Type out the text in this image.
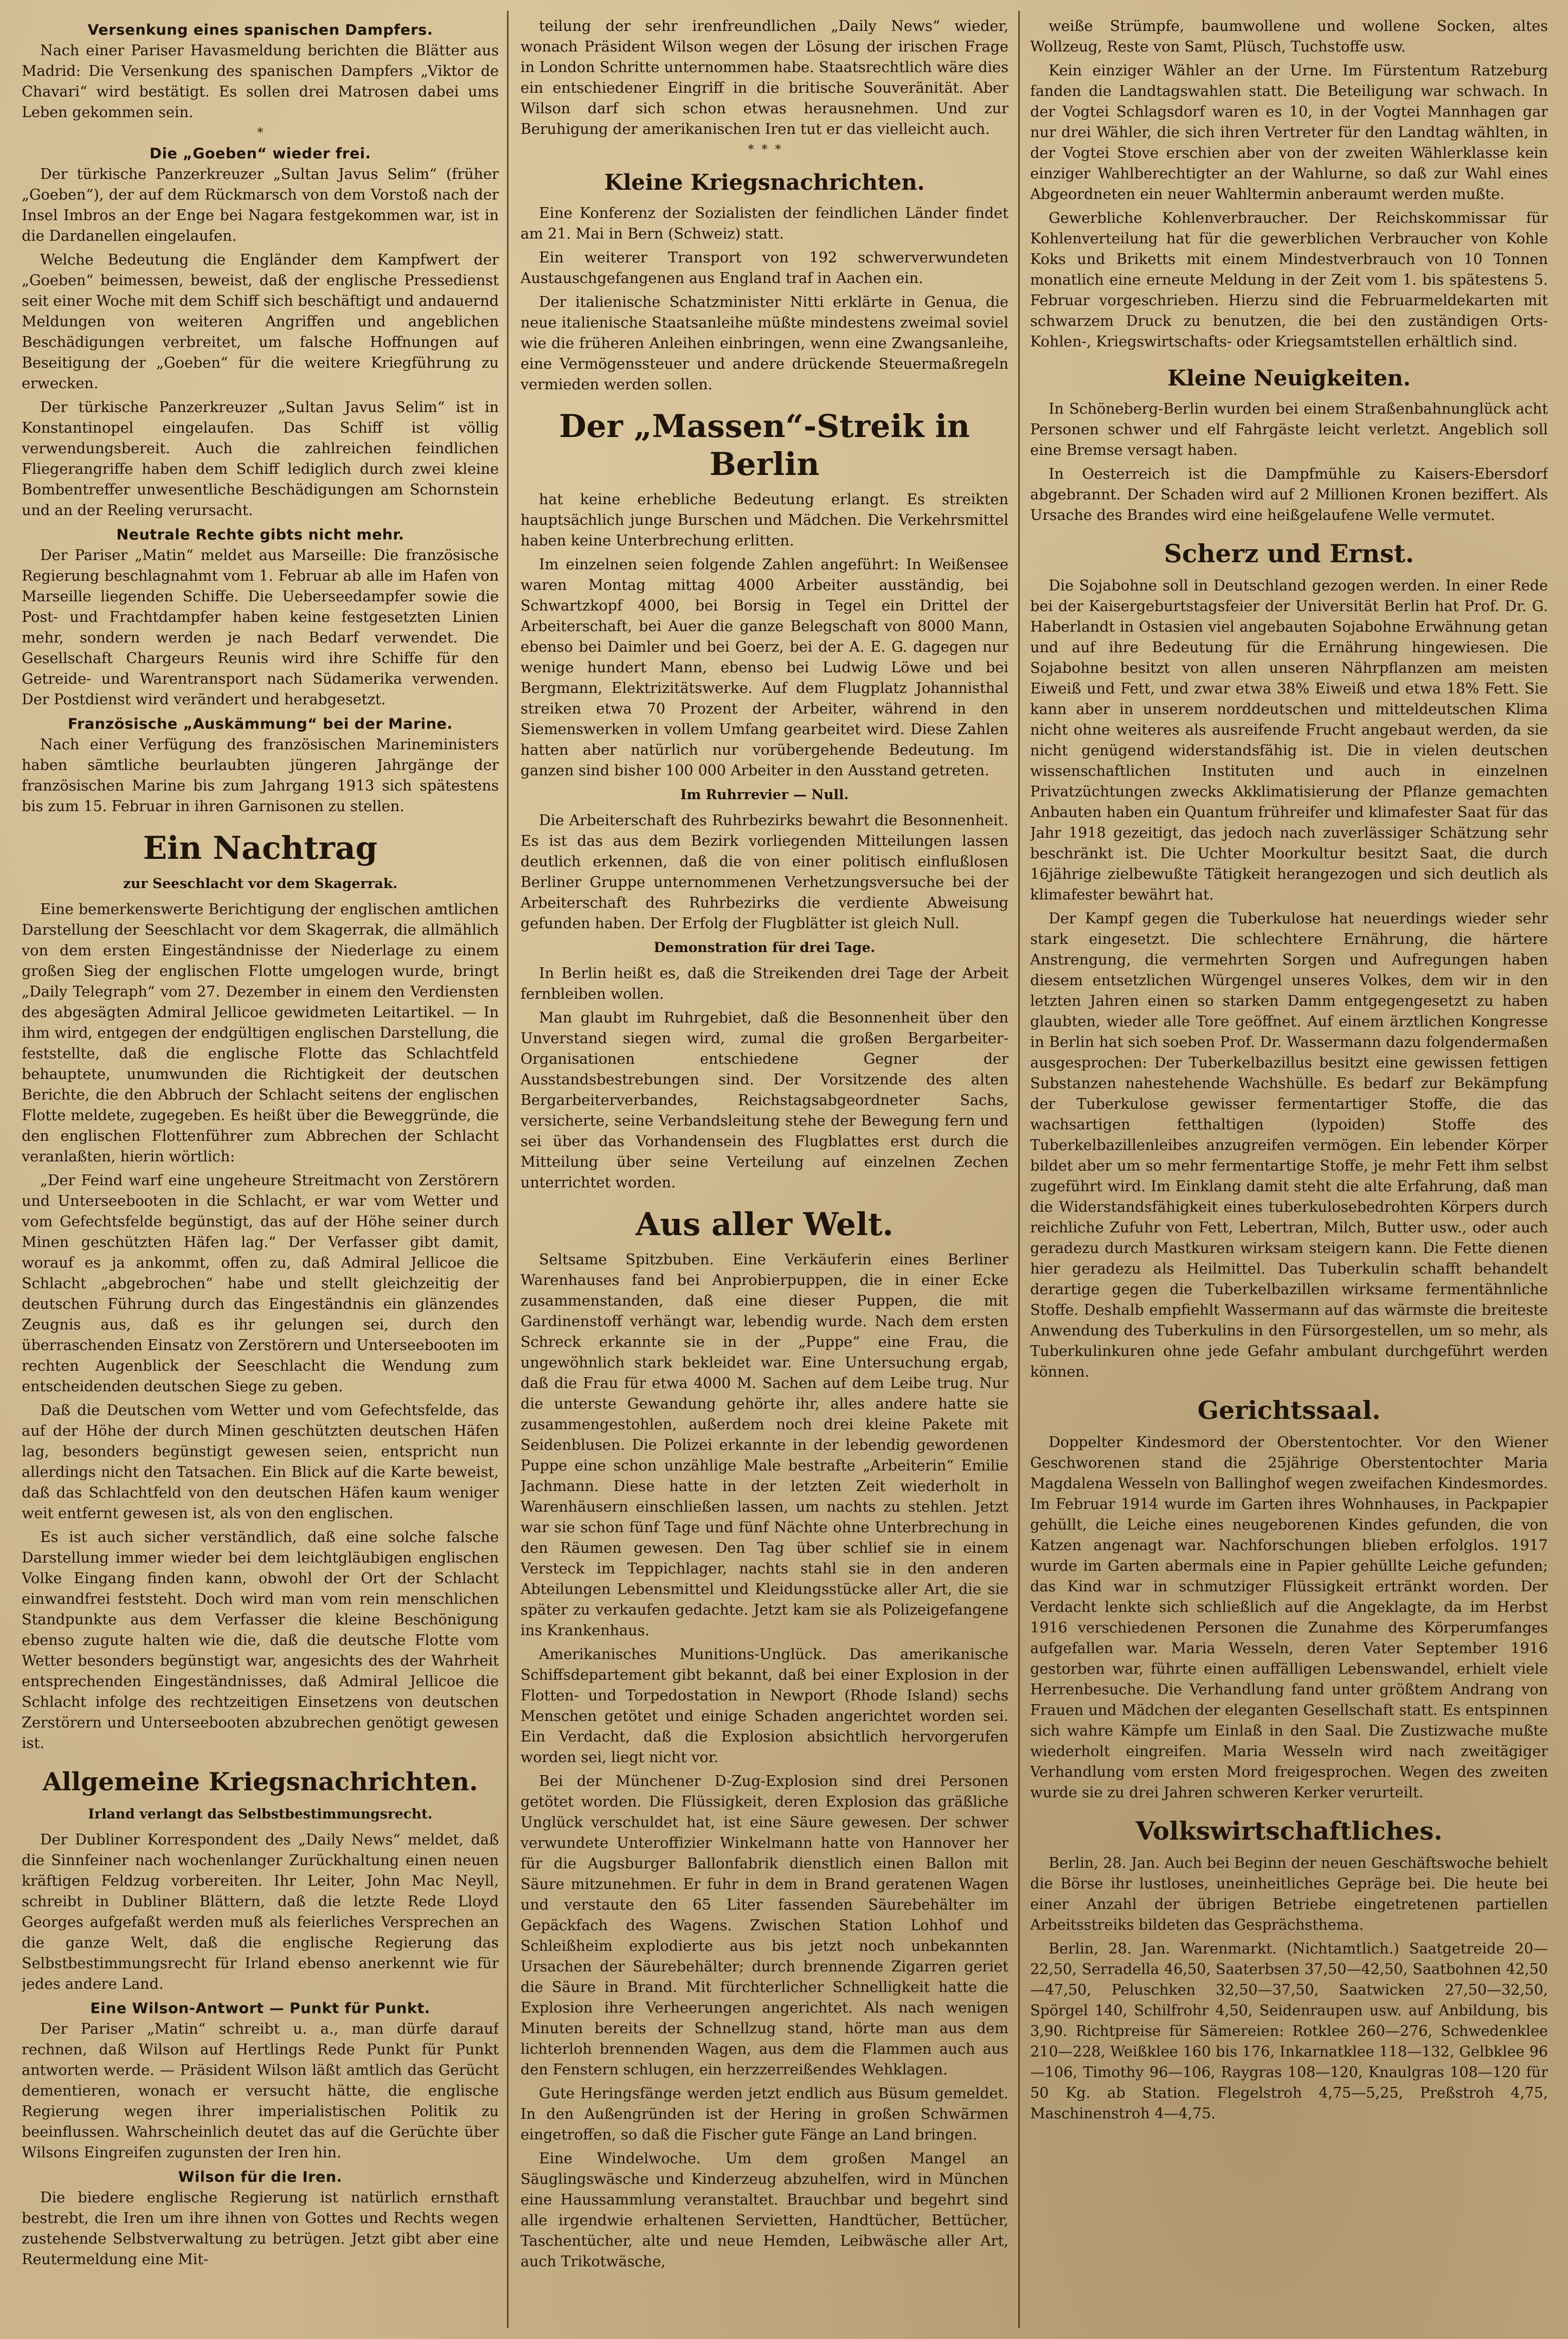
Versenkung eines spanischen Dampfers.

Nach einer Pariser Havasmeldung berichten die Blätter aus Madrid: Die Versenkung des spanischen Dampfers „Viktor de Chavari“ wird bestätigt. Es sollen drei Matrosen dabei ums Leben gekommen sein.

*
Die „Goeben“ wieder frei.

Der türkische Panzerkreuzer „Sultan Javus Selim“ (früher „Goeben“), der auf dem Rückmarsch von dem Vorstoß nach der Insel Imbros an der Enge bei Nagara festgekommen war, ist in die Dardanellen eingelaufen.

Welche Bedeutung die Engländer dem Kampfwert der „Goeben“ beimessen, beweist, daß der englische Pressedienst seit einer Woche mit dem Schiff sich beschäftigt und andauernd Meldungen von weiteren Angriffen und angeblichen Beschädigungen verbreitet, um falsche Hoffnungen auf Beseitigung der „Goeben“ für die weitere Kriegführung zu erwecken.

Der türkische Panzerkreuzer „Sultan Javus Selim“ ist in Konstantinopel eingelaufen. Das Schiff ist völlig verwendungsbereit. Auch die zahlreichen feindlichen Fliegerangriffe haben dem Schiff lediglich durch zwei kleine Bombentreffer unwesentliche Beschädigungen am Schornstein und an der Reeling verursacht.

Neutrale Rechte gibts nicht mehr.

Der Pariser „Matin“ meldet aus Marseille: Die französische Regierung beschlagnahmt vom 1. Februar ab alle im Hafen von Marseille liegenden Schiffe. Die Ueberseedampfer sowie die Post- und Frachtdampfer haben keine festgesetzten Linien mehr, sondern werden je nach Bedarf verwendet. Die Gesellschaft Chargeurs Reunis wird ihre Schiffe für den Getreide- und Warentransport nach Südamerika verwenden. Der Postdienst wird verändert und herabgesetzt.

Französische „Auskämmung“ bei der Marine.

Nach einer Verfügung des französischen Marineministers haben sämtliche beurlaubten jüngeren Jahrgänge der französischen Marine bis zum Jahrgang 1913 sich spätestens bis zum 15. Februar in ihren Garnisonen zu stellen.

Ein Nachtrag

zur Seeschlacht vor dem Skagerrak.

Eine bemerkenswerte Berichtigung der englischen amtlichen Darstellung der Seeschlacht vor dem Skagerrak, die allmählich von dem ersten Eingeständnisse der Niederlage zu einem großen Sieg der englischen Flotte umgelogen wurde, bringt „Daily Telegraph“ vom 27. Dezember in einem den Verdiensten des abgesägten Admiral Jellicoe gewidmeten Leitartikel. — In ihm wird, entgegen der endgültigen englischen Darstellung, die feststellte, daß die englische Flotte das Schlachtfeld behauptete, unumwunden die Richtigkeit der deutschen Berichte, die den Abbruch der Schlacht seitens der englischen Flotte meldete, zugegeben. Es heißt über die Beweggründe, die den englischen Flottenführer zum Abbrechen der Schlacht veranlaßten, hierin wörtlich:

„Der Feind warf eine ungeheure Streitmacht von Zerstörern und Unterseebooten in die Schlacht, er war vom Wetter und vom Gefechtsfelde begünstigt, das auf der Höhe seiner durch Minen geschützten Häfen lag.“ Der Verfasser gibt damit, worauf es ja ankommt, offen zu, daß Admiral Jellicoe die Schlacht „abgebrochen“ habe und stellt gleichzeitig der deutschen Führung durch das Eingeständnis ein glänzendes Zeugnis aus, daß es ihr gelungen sei, durch den überraschenden Einsatz von Zerstörern und Unterseebooten im rechten Augenblick der Seeschlacht die Wendung zum entscheidenden deutschen Siege zu geben.

Daß die Deutschen vom Wetter und vom Gefechtsfelde, das auf der Höhe der durch Minen geschützten deutschen Häfen lag, besonders begünstigt gewesen seien, entspricht nun allerdings nicht den Tatsachen. Ein Blick auf die Karte beweist, daß das Schlachtfeld von den deutschen Häfen kaum weniger weit entfernt gewesen ist, als von den englischen.

Es ist auch sicher verständlich, daß eine solche falsche Darstellung immer wieder bei dem leichtgläubigen englischen Volke Eingang finden kann, obwohl der Ort der Schlacht einwandfrei feststeht. Doch wird man vom rein menschlichen Standpunkte aus dem Verfasser die kleine Beschönigung ebenso zugute halten wie die, daß die deutsche Flotte vom Wetter besonders begünstigt war, angesichts des der Wahrheit entsprechenden Eingeständnisses, daß Admiral Jellicoe die Schlacht infolge des rechtzeitigen Einsetzens von deutschen Zerstörern und Unterseebooten abzubrechen genötigt gewesen ist.

Allgemeine Kriegsnachrichten.

Irland verlangt das Selbstbestimmungsrecht.

Der Dubliner Korrespondent des „Daily News“ meldet, daß die Sinnfeiner nach wochenlanger Zurückhaltung einen neuen kräftigen Feldzug vorbereiten. Ihr Leiter, John Mac Neyll, schreibt in Dubliner Blättern, daß die letzte Rede Lloyd Georges aufgefaßt werden muß als feierliches Versprechen an die ganze Welt, daß die englische Regierung das Selbstbestimmungsrecht für Irland ebenso anerkennt wie für jedes andere Land.

Eine Wilson-Antwort — Punkt für Punkt.

Der Pariser „Matin“ schreibt u. a., man dürfe darauf rechnen, daß Wilson auf Hertlings Rede Punkt für Punkt antworten werde. — Präsident Wilson läßt amtlich das Gerücht dementieren, wonach er versucht hätte, die englische Regierung wegen ihrer imperialistischen Politik zu beeinflussen. Wahrscheinlich deutet das auf die Gerüchte über Wilsons Eingreifen zugunsten der Iren hin.

Wilson für die Iren.

Die biedere englische Regierung ist natürlich ernsthaft bestrebt, die Iren um ihre ihnen von Gottes und Rechts wegen zustehende Selbstverwaltung zu betrügen. Jetzt gibt aber eine Reutermeldung eine Mit-

teilung der sehr irenfreundlichen „Daily News“ wieder, wonach Präsident Wilson wegen der Lösung der irischen Frage in London Schritte unternommen habe. Staatsrechtlich wäre dies ein entschiedener Eingriff in die britische Souveränität. Aber Wilson darf sich schon etwas herausnehmen. Und zur Beruhigung der amerikanischen Iren tut er das vielleicht auch.

*  *  *
Kleine Kriegsnachrichten.

Eine Konferenz der Sozialisten der feindlichen Länder findet am 21. Mai in Bern (Schweiz) statt.

Ein weiterer Transport von 192 schwerverwundeten Austauschgefangenen aus England traf in Aachen ein.

Der italienische Schatzminister Nitti erklärte in Genua, die neue italienische Staatsanleihe müßte mindestens zweimal soviel wie die früheren Anleihen einbringen, wenn eine Zwangsanleihe, eine Vermögenssteuer und andere drückende Steuermaßregeln vermieden werden sollen.

Der „Massen“-Streik in Berlin

hat keine erhebliche Bedeutung erlangt. Es streikten hauptsächlich junge Burschen und Mädchen. Die Verkehrsmittel haben keine Unterbrechung erlitten.

Im einzelnen seien folgende Zahlen angeführt: In Weißensee waren Montag mittag 4000 Arbeiter ausständig, bei Schwartzkopf 4000, bei Borsig in Tegel ein Drittel der Arbeiterschaft, bei Auer die ganze Belegschaft von 8000 Mann, ebenso bei Daimler und bei Goerz, bei der A. E. G. dagegen nur wenige hundert Mann, ebenso bei Ludwig Löwe und bei Bergmann, Elektrizitätswerke. Auf dem Flugplatz Johannisthal streiken etwa 70 Prozent der Arbeiter, während in den Siemenswerken in vollem Umfang gearbeitet wird. Diese Zahlen hatten aber natürlich nur vorübergehende Bedeutung. Im ganzen sind bisher 100 000 Arbeiter in den Ausstand getreten.

Im Ruhrrevier — Null.

Die Arbeiterschaft des Ruhrbezirks bewahrt die Besonnenheit. Es ist das aus dem Bezirk vorliegenden Mitteilungen lassen deutlich erkennen, daß die von einer politisch einflußlosen Berliner Gruppe unternommenen Verhetzungsversuche bei der Arbeiterschaft des Ruhrbezirks die verdiente Abweisung gefunden haben. Der Erfolg der Flugblätter ist gleich Null.

Demonstration für drei Tage.

In Berlin heißt es, daß die Streikenden drei Tage der Arbeit fernbleiben wollen.

Man glaubt im Ruhrgebiet, daß die Besonnenheit über den Unverstand siegen wird, zumal die großen Bergarbeiter-Organisationen entschiedene Gegner der Ausstandsbestrebungen sind. Der Vorsitzende des alten Bergarbeiterverbandes, Reichstagsabgeordneter Sachs, versicherte, seine Verbandsleitung stehe der Bewegung fern und sei über das Vorhandensein des Flugblattes erst durch die Mitteilung über seine Verteilung auf einzelnen Zechen unterrichtet worden.

Aus aller Welt.

Seltsame Spitzbuben. Eine Verkäuferin eines Berliner Warenhauses fand bei Anprobierpuppen, die in einer Ecke zusammenstanden, daß eine dieser Puppen, die mit Gardinenstoff verhängt war, lebendig wurde. Nach dem ersten Schreck erkannte sie in der „Puppe“ eine Frau, die ungewöhnlich stark bekleidet war. Eine Untersuchung ergab, daß die Frau für etwa 4000 M. Sachen auf dem Leibe trug. Nur die unterste Gewandung gehörte ihr, alles andere hatte sie zusammengestohlen, außerdem noch drei kleine Pakete mit Seidenblusen. Die Polizei erkannte in der lebendig gewordenen Puppe eine schon unzählige Male bestrafte „Arbeiterin“ Emilie Jachmann. Diese hatte in der letzten Zeit wiederholt in Warenhäusern einschließen lassen, um nachts zu stehlen. Jetzt war sie schon fünf Tage und fünf Nächte ohne Unterbrechung in den Räumen gewesen. Den Tag über schlief sie in einem Versteck im Teppichlager, nachts stahl sie in den anderen Abteilungen Lebensmittel und Kleidungsstücke aller Art, die sie später zu verkaufen gedachte. Jetzt kam sie als Polizeigefangene ins Krankenhaus.

Amerikanisches Munitions-Unglück. Das amerikanische Schiffsdepartement gibt bekannt, daß bei einer Explosion in der Flotten- und Torpedostation in Newport (Rhode Island) sechs Menschen getötet und einige Schaden angerichtet worden sei. Ein Verdacht, daß die Explosion absichtlich hervorgerufen worden sei, liegt nicht vor.

Bei der Münchener D-Zug-Explosion sind drei Personen getötet worden. Die Flüssigkeit, deren Explosion das gräßliche Unglück verschuldet hat, ist eine Säure gewesen. Der schwer verwundete Unteroffizier Winkelmann hatte von Hannover her für die Augsburger Ballonfabrik dienstlich einen Ballon mit Säure mitzunehmen. Er fuhr in dem in Brand geratenen Wagen und verstaute den 65 Liter fassenden Säurebehälter im Gepäckfach des Wagens. Zwischen Station Lohhof und Schleißheim explodierte aus bis jetzt noch unbekannten Ursachen der Säurebehälter; durch brennende Zigarren geriet die Säure in Brand. Mit fürchterlicher Schnelligkeit hatte die Explosion ihre Verheerungen angerichtet. Als nach wenigen Minuten bereits der Schnellzug stand, hörte man aus dem lichterloh brennenden Wagen, aus dem die Flammen auch aus den Fenstern schlugen, ein herzzerreißendes Wehklagen.

Gute Heringsfänge werden jetzt endlich aus Büsum gemeldet. In den Außengründen ist der Hering in großen Schwärmen eingetroffen, so daß die Fischer gute Fänge an Land bringen.

Eine Windelwoche. Um dem großen Mangel an Säuglingswäsche und Kinderzeug abzuhelfen, wird in München eine Haussammlung veranstaltet. Brauchbar und begehrt sind alle irgendwie erhaltenen Servietten, Handtücher, Bettücher, Taschentücher, alte und neue Hemden, Leibwäsche aller Art, auch Trikotwäsche,

weiße Strümpfe, baumwollene und wollene Socken, altes Wollzeug, Reste von Samt, Plüsch, Tuchstoffe usw.

Kein einziger Wähler an der Urne. Im Fürstentum Ratzeburg fanden die Landtagswahlen statt. Die Beteiligung war schwach. In der Vogtei Schlagsdorf waren es 10, in der Vogtei Mannhagen gar nur drei Wähler, die sich ihren Vertreter für den Landtag wählten, in der Vogtei Stove erschien aber von der zweiten Wählerklasse kein einziger Wahlberechtigter an der Wahlurne, so daß zur Wahl eines Abgeordneten ein neuer Wahltermin anberaumt werden mußte.

Gewerbliche Kohlenverbraucher. Der Reichskommissar für Kohlenverteilung hat für die gewerblichen Verbraucher von Kohle Koks und Briketts mit einem Mindestverbrauch von 10 Tonnen monatlich eine erneute Meldung in der Zeit vom 1. bis spätestens 5. Februar vorgeschrieben. Hierzu sind die Februarmeldekarten mit schwarzem Druck zu benutzen, die bei den zuständigen Orts-Kohlen-, Kriegswirtschafts- oder Kriegsamtstellen erhältlich sind.

Kleine Neuigkeiten.

In Schöneberg-Berlin wurden bei einem Straßenbahnunglück acht Personen schwer und elf Fahrgäste leicht verletzt. Angeblich soll eine Bremse versagt haben.

In Oesterreich ist die Dampfmühle zu Kaisers-Ebersdorf abgebrannt. Der Schaden wird auf 2 Millionen Kronen beziffert. Als Ursache des Brandes wird eine heißgelaufene Welle vermutet.

Scherz und Ernst.

Die Sojabohne soll in Deutschland gezogen werden. In einer Rede bei der Kaisergeburtstagsfeier der Universität Berlin hat Prof. Dr. G. Haberlandt in Ostasien viel angebauten Sojabohne Erwähnung getan und auf ihre Bedeutung für die Ernährung hingewiesen. Die Sojabohne besitzt von allen unseren Nährpflanzen am meisten Eiweiß und Fett, und zwar etwa 38% Eiweiß und etwa 18% Fett. Sie kann aber in unserem norddeutschen und mitteldeutschen Klima nicht ohne weiteres als ausreifende Frucht angebaut werden, da sie nicht genügend widerstandsfähig ist. Die in vielen deutschen wissenschaftlichen Instituten und auch in einzelnen Privatzüchtungen zwecks Akklimatisierung der Pflanze gemachten Anbauten haben ein Quantum frühreifer und klimafester Saat für das Jahr 1918 gezeitigt, das jedoch nach zuverlässiger Schätzung sehr beschränkt ist. Die Uchter Moorkultur besitzt Saat, die durch 16jährige zielbewußte Tätigkeit herangezogen und sich deutlich als klimafester bewährt hat.

Der Kampf gegen die Tuberkulose hat neuerdings wieder sehr stark eingesetzt. Die schlechtere Ernährung, die härtere Anstrengung, die vermehrten Sorgen und Aufregungen haben diesem entsetzlichen Würgengel unseres Volkes, dem wir in den letzten Jahren einen so starken Damm entgegengesetzt zu haben glaubten, wieder alle Tore geöffnet. Auf einem ärztlichen Kongresse in Berlin hat sich soeben Prof. Dr. Wassermann dazu folgendermaßen ausgesprochen: Der Tuberkelbazillus besitzt eine gewissen fettigen Substanzen nahestehende Wachshülle. Es bedarf zur Bekämpfung der Tuberkulose gewisser fermentartiger Stoffe, die das wachsartigen fetthaltigen (lypoiden) Stoffe des Tuberkelbazillenleibes anzugreifen vermögen. Ein lebender Körper bildet aber um so mehr fermentartige Stoffe, je mehr Fett ihm selbst zugeführt wird. Im Einklang damit steht die alte Erfahrung, daß man die Widerstandsfähigkeit eines tuberkulosebedrohten Körpers durch reichliche Zufuhr von Fett, Lebertran, Milch, Butter usw., oder auch geradezu durch Mastkuren wirksam steigern kann. Die Fette dienen hier geradezu als Heilmittel. Das Tuberkulin schafft behandelt derartige gegen die Tuberkelbazillen wirksame fermentähnliche Stoffe. Deshalb empfiehlt Wassermann auf das wärmste die breiteste Anwendung des Tuberkulins in den Fürsorgestellen, um so mehr, als Tuberkulinkuren ohne jede Gefahr ambulant durchgeführt werden können.

Gerichtssaal.

Doppelter Kindesmord der Oberstentochter. Vor den Wiener Geschworenen stand die 25jährige Oberstentochter Maria Magdalena Wesseln von Ballinghof wegen zweifachen Kindesmordes. Im Februar 1914 wurde im Garten ihres Wohnhauses, in Packpapier gehüllt, die Leiche eines neugeborenen Kindes gefunden, die von Katzen angenagt war. Nachforschungen blieben erfolglos. 1917 wurde im Garten abermals eine in Papier gehüllte Leiche gefunden; das Kind war in schmutziger Flüssigkeit ertränkt worden. Der Verdacht lenkte sich schließlich auf die Angeklagte, da im Herbst 1916 verschiedenen Personen die Zunahme des Körperumfanges aufgefallen war. Maria Wesseln, deren Vater September 1916 gestorben war, führte einen auffälligen Lebenswandel, erhielt viele Herrenbesuche. Die Verhandlung fand unter größtem Andrang von Frauen und Mädchen der eleganten Gesellschaft statt. Es entspinnen sich wahre Kämpfe um Einlaß in den Saal. Die Zustizwache mußte wiederholt eingreifen. Maria Wesseln wird nach zweitägiger Verhandlung vom ersten Mord freigesprochen. Wegen des zweiten wurde sie zu drei Jahren schweren Kerker verurteilt.

Volkswirtschaftliches.

Berlin, 28. Jan. Auch bei Beginn der neuen Geschäftswoche behielt die Börse ihr lustloses, uneinheitliches Gepräge bei. Die heute bei einer Anzahl der übrigen Betriebe eingetretenen partiellen Arbeitsstreiks bildeten das Gesprächsthema.

Berlin, 28. Jan. Warenmarkt. (Nichtamtlich.) Saatgetreide 20—22,50, Serradella 46,50, Saaterbsen 37,50—42,50, Saatbohnen 42,50—47,50, Peluschken 32,50—37,50, Saatwicken 27,50—32,50, Spörgel 140, Schilfrohr 4,50, Seidenraupen usw. auf Anbildung, bis 3,90. Richtpreise für Sämereien: Rotklee 260—276, Schwedenklee 210—228, Weißklee 160 bis 176, Inkarnatklee 118—132, Gelbklee 96—106, Timothy 96—106, Raygras 108—120, Knaulgras 108—120 für 50 Kg. ab Station. Flegelstroh 4,75—5,25, Preßstroh 4,75, Maschinenstroh 4—4,75.
